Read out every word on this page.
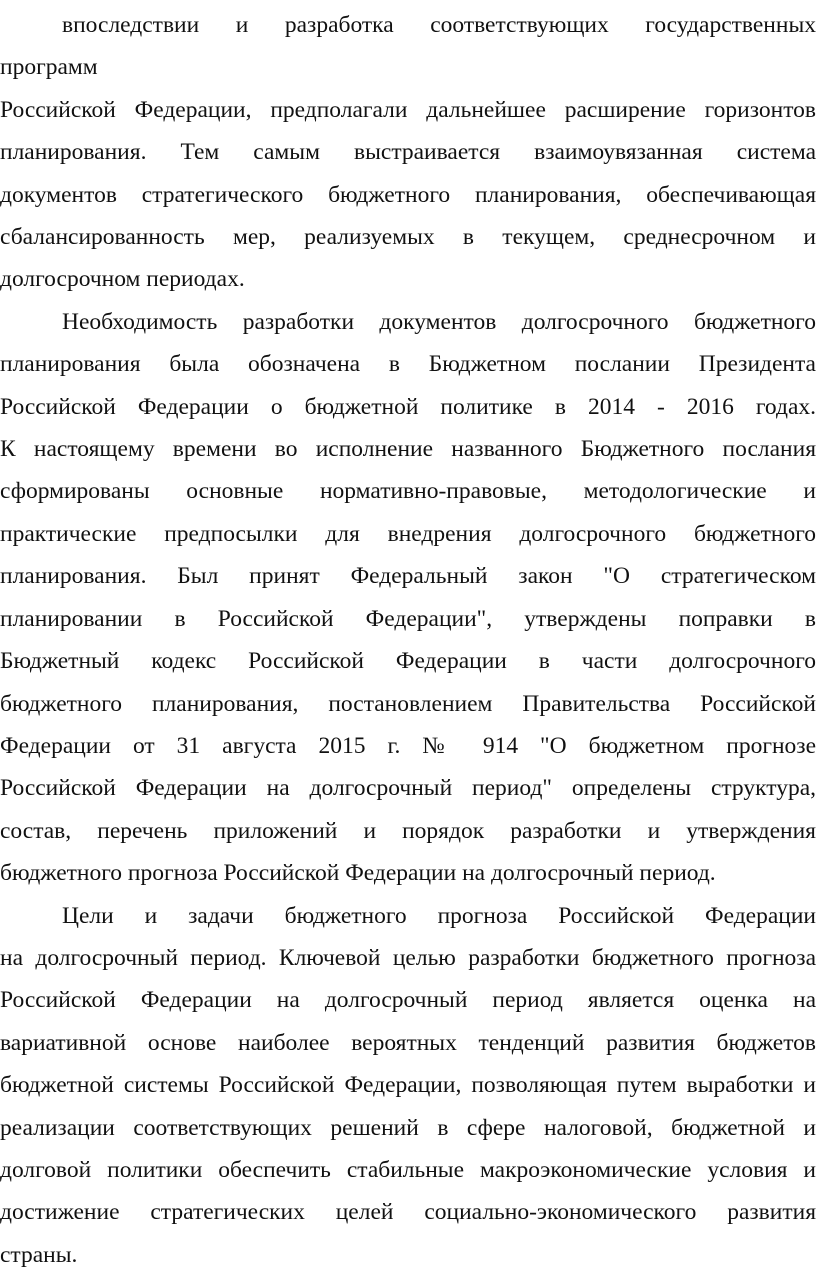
впоследствии и разработка соответствующих государственных
программ
Российской Федерации, предполагали дальнейшее расширение горизонтов
планирования. Тем самым выстраивается взаимоувязанная система
документов стратегического бюджетного планирования, обеспечивающая
сбалансированность мер, реализуемых в текущем, среднесрочном и
долгосрочном периодах.
Необходимость разработки документов долгосрочного бюджетного
планирования была обозначена в Бюджетном послании Президента
Российской Федерации о бюджетной политике в 2014 - 2016 годах.
К настоящему времени во исполнение названного Бюджетного послания
сформированы основные нормативно-правовые, методологические и
практические предпосылки для внедрения долгосрочного бюджетного
планирования. Был принят Федеральный закон "О стратегическом
планировании в Российской Федерации", утверждены поправки в
Бюджетный кодекс Российской Федерации в части долгосрочного
бюджетного планирования, постановлением Правительства Российской
Федерации от 31 августа 2015 г. № 914 "О бюджетном прогнозе
Российской Федерации на долгосрочный период" определены структура,
состав, перечень приложений и порядок разработки и утверждения
бюджетного прогноза Российской Федерации на долгосрочный период.
Цели и задачи бюджетного прогноза Российской Федерации
на долгосрочный период. Ключевой целью разработки бюджетного прогноза
Российской Федерации на долгосрочный период является оценка на
вариативной основе наиболее вероятных тенденций развития бюджетов
бюджетной системы Российской Федерации, позволяющая путем выработки и
реализации соответствующих решений в сфере налоговой, бюджетной и
долговой политики обеспечить стабильные макроэкономические условия и
достижение стратегических целей социально-экономического развития
страны.
